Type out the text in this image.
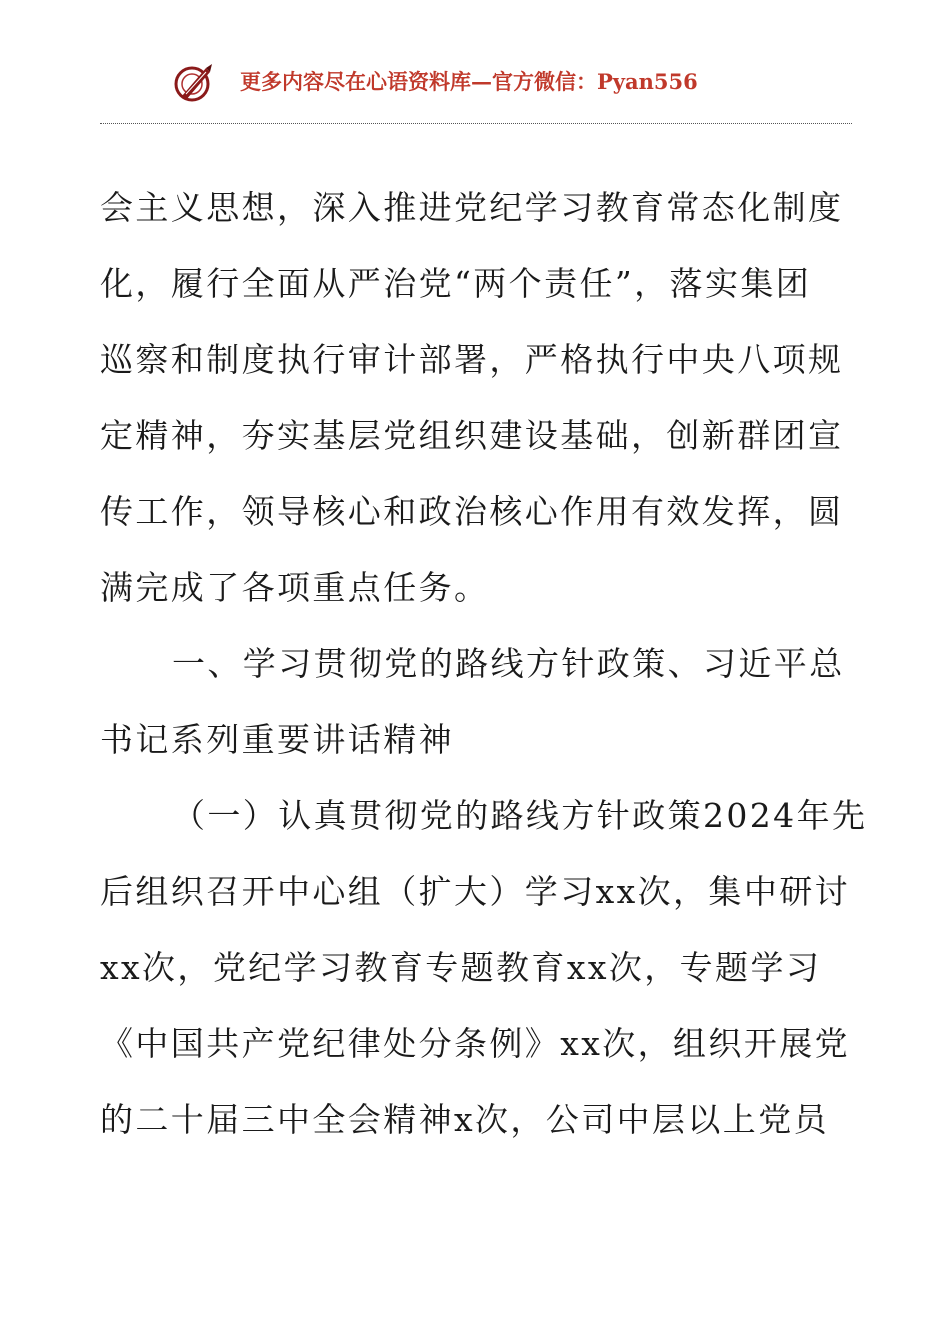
更多内容尽在心语资料库—官方微信：Pyan556
会主义思想，深入推进党纪学习教育常态化制度
化，履行全面从严治党“两个责任”，落实集团
巡察和制度执行审计部署，严格执行中央八项规
定精神，夯实基层党组织建设基础，创新群团宣
传工作，领导核心和政治核心作用有效发挥，圆
满完成了各项重点任务。
一、学习贯彻党的路线方针政策、习近平总
书记系列重要讲话精神
（一）认真贯彻党的路线方针政策2024年先
后组织召开中心组（扩大）学习xx次，集中研讨
xx次，党纪学习教育专题教育xx次，专题学习
《中国共产党纪律处分条例》xx次，组织开展党
的二十届三中全会精神x次，公司中层以上党员
